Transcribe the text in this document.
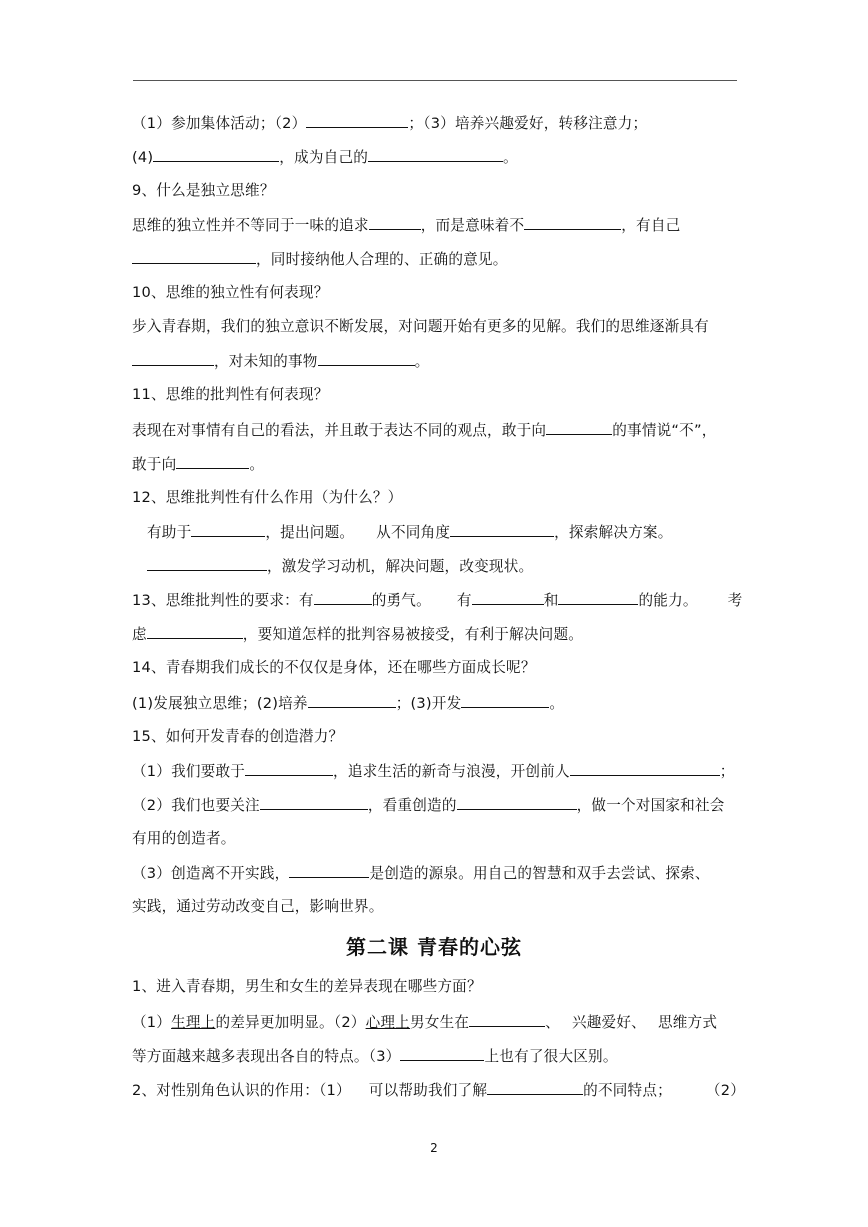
（1）参加集体活动；（2）	；（3）培养兴趣爱好，转移注意力；
(4)	，成为自己的	。
9、什么是独立思维？
思维的独立性并不等同于一味的追求	，而是意味着不	，有自己
，同时接纳他人合理的、正确的意见。
10、思维的独立性有何表现？
步入青春期，我们的独立意识不断发展，对问题开始有更多的见解。我们的思维逐渐具有
，对未知的事物	。
11、思维的批判性有何表现？
表现在对事情有自己的看法，并且敢于表达不同的观点，敢于向	的事情说“不”，
敢于向	。
12、思维批判性有什么作用（为什么？）
有助于	，提出问题。 从不同角度	，探索解决方案。
，激发学习动机，解决问题，改变现状。
13、思维批判性的要求：有	的勇气。 有	和	的能力。 考
虑	，要知道怎样的批判容易被接受，有利于解决问题。
14、青春期我们成长的不仅仅是身体，还在哪些方面成长呢？
(1)发展独立思维；(2)培养	；(3)开发	。
15、如何开发青春的创造潜力？
（1）我们要敢于	，追求生活的新奇与浪漫，开创前人	；
（2）我们也要关注	，看重创造的	，做一个对国家和社会
有用的创造者。
（3）创造离不开实践，	是创造的源泉。用自己的智慧和双手去尝试、探索、
实践，通过劳动改变自己，影响世界。
第二课 青春的心弦
1、进入青春期，男生和女生的差异表现在哪些方面？
（1）生理上的差异更加明显。（2）心理上男女生在	、 兴趣爱好、 思维方式
等方面越来越多表现出各自的特点。（3）	上也有了很大区别。
2、对性别角色认识的作用：（1） 可以帮助我们了解	的不同特点； （2）
2
